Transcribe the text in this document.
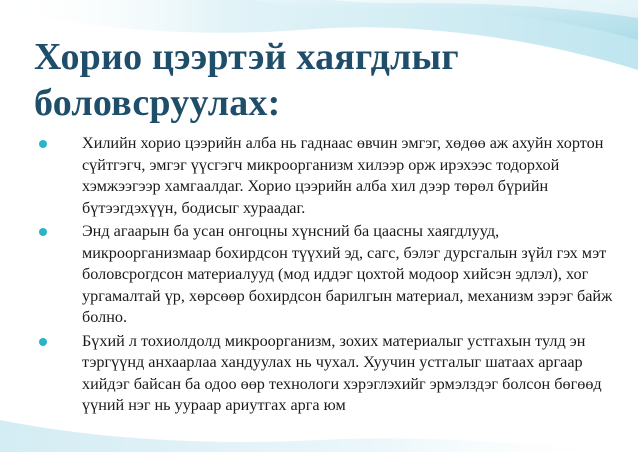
Хорио цээртэй хаягдлыг боловсруулах:
Хилийн хорио цээрийн алба нь гаднаас өвчин эмгэг, хөдөө аж ахуйн хортон сүйтгэгч, эмгэг үүсгэгч микроорганизм хилээр орж ирэхээс тодорхой хэмжээгээр хамгаалдаг. Хорио цээрийн алба хил дээр төрөл бүрийн бүтээгдэхүүн, бодисыг хураадаг.
Энд агаарын ба усан онгоцны хүнсний ба цаасны хаягдлууд, микроорганизмаар бохирдсон түүхий эд, сагс, бэлэг дурсгалын зүйл гэх мэт боловсрогдсон материалууд (мод иддэг цохтой модоор хийсэн эдлэл), хог ургамалтай үр, хөрсөөр бохирдсон барилгын материал, механизм зэрэг байж болно.
Бүхий л тохиолдолд микроорганизм, зохих материалыг устгахын тулд эн тэргүүнд анхаарлаа хандуулах нь чухал. Хуучин устгалыг шатаах аргаар хийдэг байсан ба одоо өөр технологи хэрэглэхийг эрмэлздэг болсон бөгөөд үүний нэг нь уураар ариутгах арга юм
